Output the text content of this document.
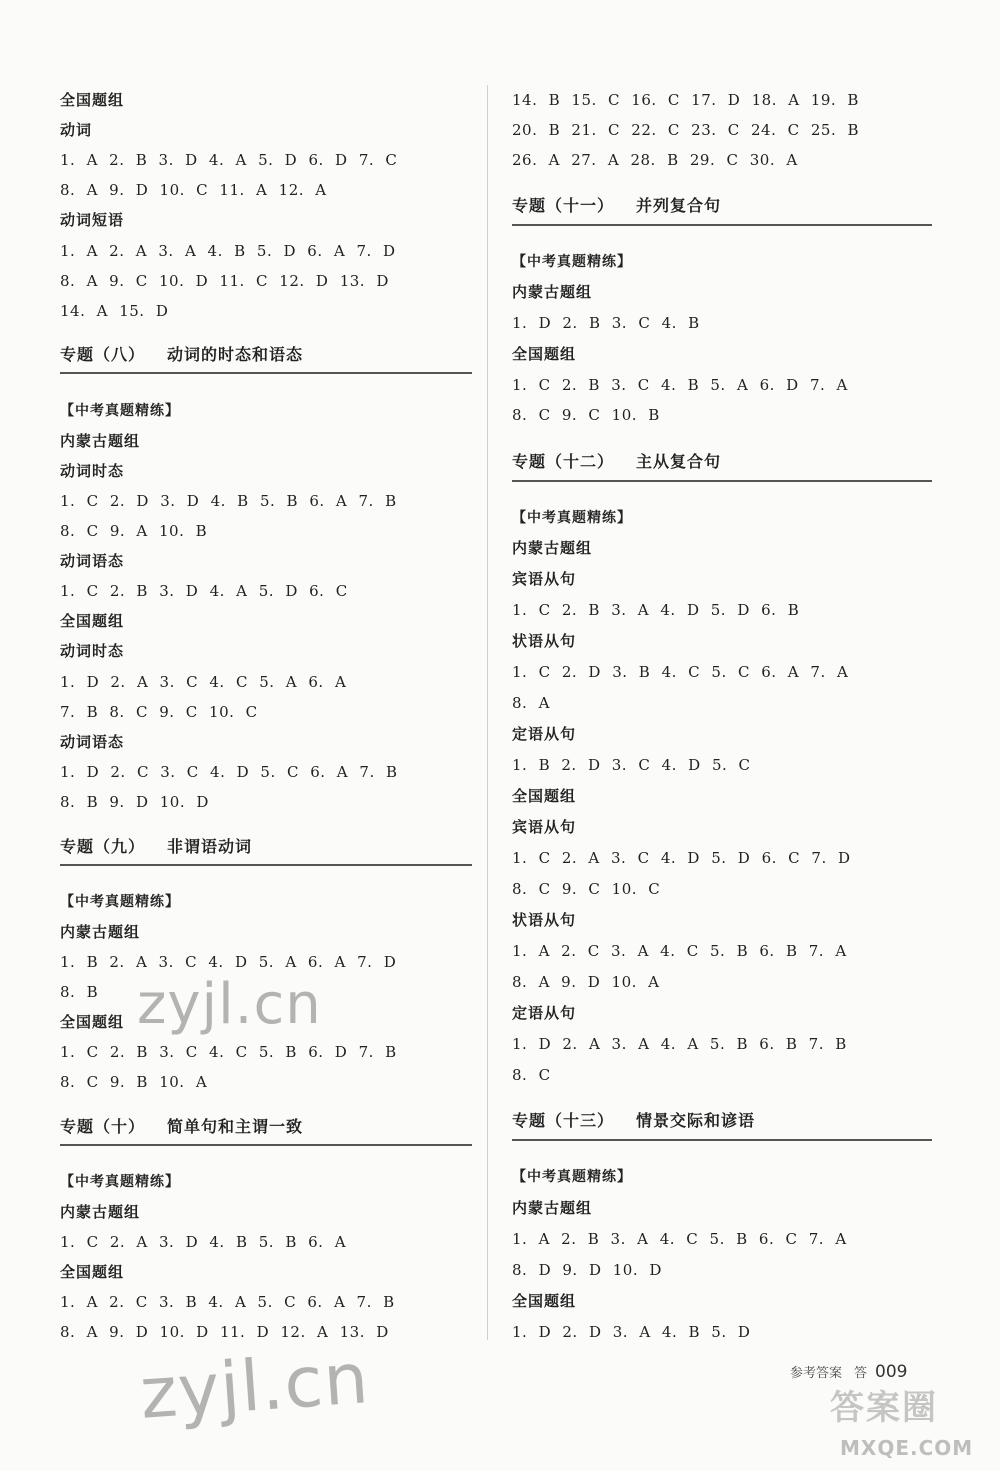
全国题组
动词
1. A 2. B 3. D 4. A 5. D 6. D 7. C
8. A 9. D 10. C 11. A 12. A
动词短语
1. A 2. A 3. A 4. B 5. D 6. A 7. D
8. A 9. C 10. D 11. C 12. D 13. D
14. A 15. D
专题（八） 动词的时态和语态
【中考真题精练】
内蒙古题组
动词时态
1. C 2. D 3. D 4. B 5. B 6. A 7. B
8. C 9. A 10. B
动词语态
1. C 2. B 3. D 4. A 5. D 6. C
全国题组
动词时态
1. D 2. A 3. C 4. C 5. A 6. A
7. B 8. C 9. C 10. C
动词语态
1. D 2. C 3. C 4. D 5. C 6. A 7. B
8. B 9. D 10. D
专题（九） 非谓语动词
【中考真题精练】
内蒙古题组
1. B 2. A 3. C 4. D 5. A 6. A 7. D
8. B
全国题组
1. C 2. B 3. C 4. C 5. B 6. D 7. B
8. C 9. B 10. A
专题（十） 简单句和主谓一致
【中考真题精练】
内蒙古题组
1. C 2. A 3. D 4. B 5. B 6. A
全国题组
1. A 2. C 3. B 4. A 5. C 6. A 7. B
8. A 9. D 10. D 11. D 12. A 13. D
14. B 15. C 16. C 17. D 18. A 19. B
20. B 21. C 22. C 23. C 24. C 25. B
26. A 27. A 28. B 29. C 30. A
专题（十一） 并列复合句
【中考真题精练】
内蒙古题组
1. D 2. B 3. C 4. B
全国题组
1. C 2. B 3. C 4. B 5. A 6. D 7. A
8. C 9. C 10. B
专题（十二） 主从复合句
【中考真题精练】
内蒙古题组
宾语从句
1. C 2. B 3. A 4. D 5. D 6. B
状语从句
1. C 2. D 3. B 4. C 5. C 6. A 7. A
8. A
定语从句
1. B 2. D 3. C 4. D 5. C
全国题组
宾语从句
1. C 2. A 3. C 4. D 5. D 6. C 7. D
8. C 9. C 10. C
状语从句
1. A 2. C 3. A 4. C 5. B 6. B 7. A
8. A 9. D 10. A
定语从句
1. D 2. A 3. A 4. A 5. B 6. B 7. B
8. C
专题（十三） 情景交际和谚语
【中考真题精练】
内蒙古题组
1. A 2. B 3. A 4. C 5. B 6. C 7. A
8. D 9. D 10. D
全国题组
1. D 2. D 3. A 4. B 5. D
参考答案 答 009
zyjl.cn
zyjl.cn	答案圈
MXQE.COM
